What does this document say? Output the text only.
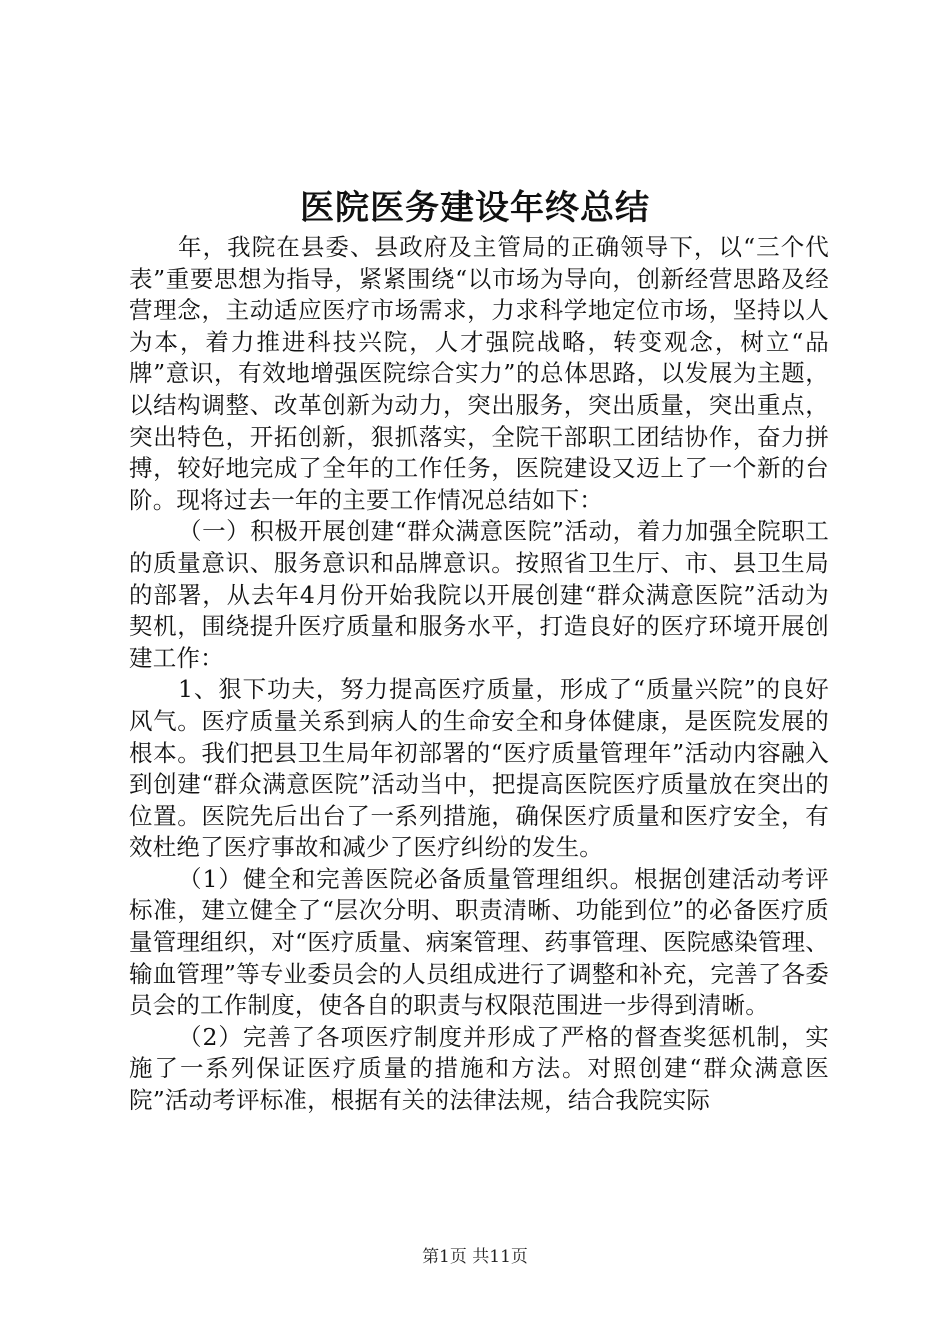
医院医务建设年终总结

年，我院在县委、县政府及主管局的正确领导下，以“三个代表”重要思想为指导，紧紧围绕“以市场为导向，创新经营思路及经营理念，主动适应医疗市场需求，力求科学地定位市场，坚持以人为本，着力推进科技兴院，人才强院战略，转变观念，树立“品牌”意识，有效地增强医院综合实力”的总体思路，以发展为主题，以结构调整、改革创新为动力，突出服务，突出质量，突出重点，突出特色，开拓创新，狠抓落实，全院干部职工团结协作，奋力拼搏，较好地完成了全年的工作任务，医院建设又迈上了一个新的台阶。现将过去一年的主要工作情况总结如下：

（一）积极开展创建“群众满意医院”活动，着力加强全院职工的质量意识、服务意识和品牌意识。按照省卫生厅、市、县卫生局的部署，从去年4月份开始我院以开展创建“群众满意医院”活动为契机，围绕提升医疗质量和服务水平，打造良好的医疗环境开展创建工作：

1、狠下功夫，努力提高医疗质量，形成了“质量兴院”的良好风气。医疗质量关系到病人的生命安全和身体健康，是医院发展的根本。我们把县卫生局年初部署的“医疗质量管理年”活动内容融入到创建“群众满意医院”活动当中，把提高医院医疗质量放在突出的位置。医院先后出台了一系列措施，确保医疗质量和医疗安全，有效杜绝了医疗事故和减少了医疗纠纷的发生。

（1）健全和完善医院必备质量管理组织。根据创建活动考评标准，建立健全了“层次分明、职责清晰、功能到位”的必备医疗质量管理组织，对“医疗质量、病案管理、药事管理、医院感染管理、输血管理”等专业委员会的人员组成进行了调整和补充，完善了各委员会的工作制度，使各自的职责与权限范围进一步得到清晰。

（2）完善了各项医疗制度并形成了严格的督查奖惩机制，实施了一系列保证医疗质量的措施和方法。对照创建“群众满意医院”活动考评标准，根据有关的法律法规，结合我院实际

第1页 共11页
